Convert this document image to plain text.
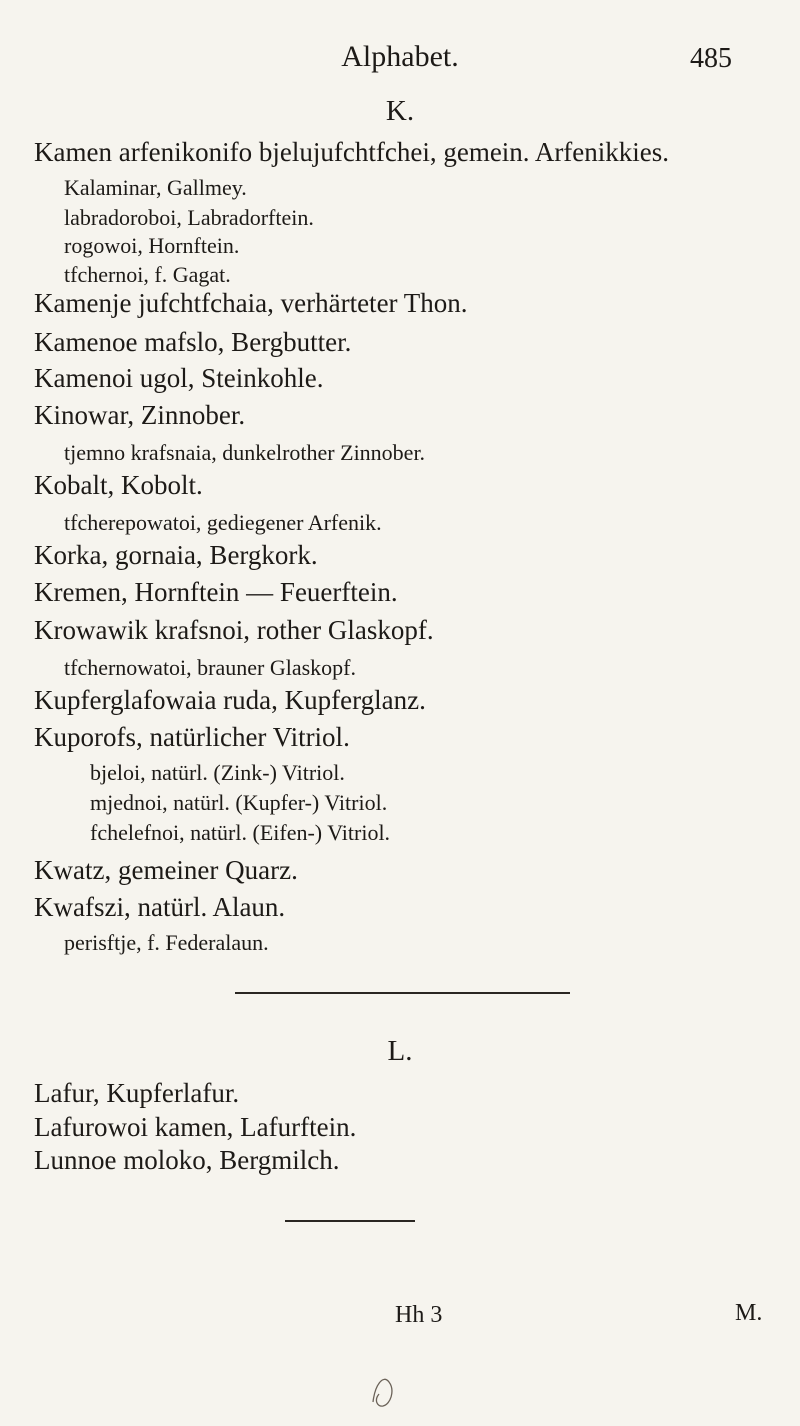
Alphabet.	485
K.
Kamen arfenikonifo bjelujufchtfchei, gemein. Arfenikkies.
Kalaminar, Gallmey.
labradoroboi, Labradorftein.
rogowoi, Hornftein.
tfchernoi, f. Gagat.
Kamenje jufchtfchaia, verhärteter Thon.
Kamenoe mafslo, Bergbutter.
Kamenoi ugol, Steinkohle.
Kinowar, Zinnober.
tjemno krafsnaia, dunkelrother Zinnober.
Kobalt, Kobolt.
tfcherepowatoi, gediegener Arfenik.
Korka, gornaia, Bergkork.
Kremen, Hornftein — Feuerftein.
Krowawik krafsnoi, rother Glaskopf.
tfchernowatoi, brauner Glaskopf.
Kupferglafowaia ruda, Kupferglanz.
Kuporofs, natürlicher Vitriol.
bjeloi, natürl. (Zink-) Vitriol.
mjednoi, natürl. (Kupfer-) Vitriol.
fchelefnoi, natürl. (Eifen-) Vitriol.
Kwatz, gemeiner Quarz.
Kwafszi, natürl. Alaun.
perisftje, f. Federalaun.
L.
Lafur, Kupferlafur.
Lafurowoi kamen, Lafurftein.
Lunnoe moloko, Bergmilch.
Hh 3	M.
